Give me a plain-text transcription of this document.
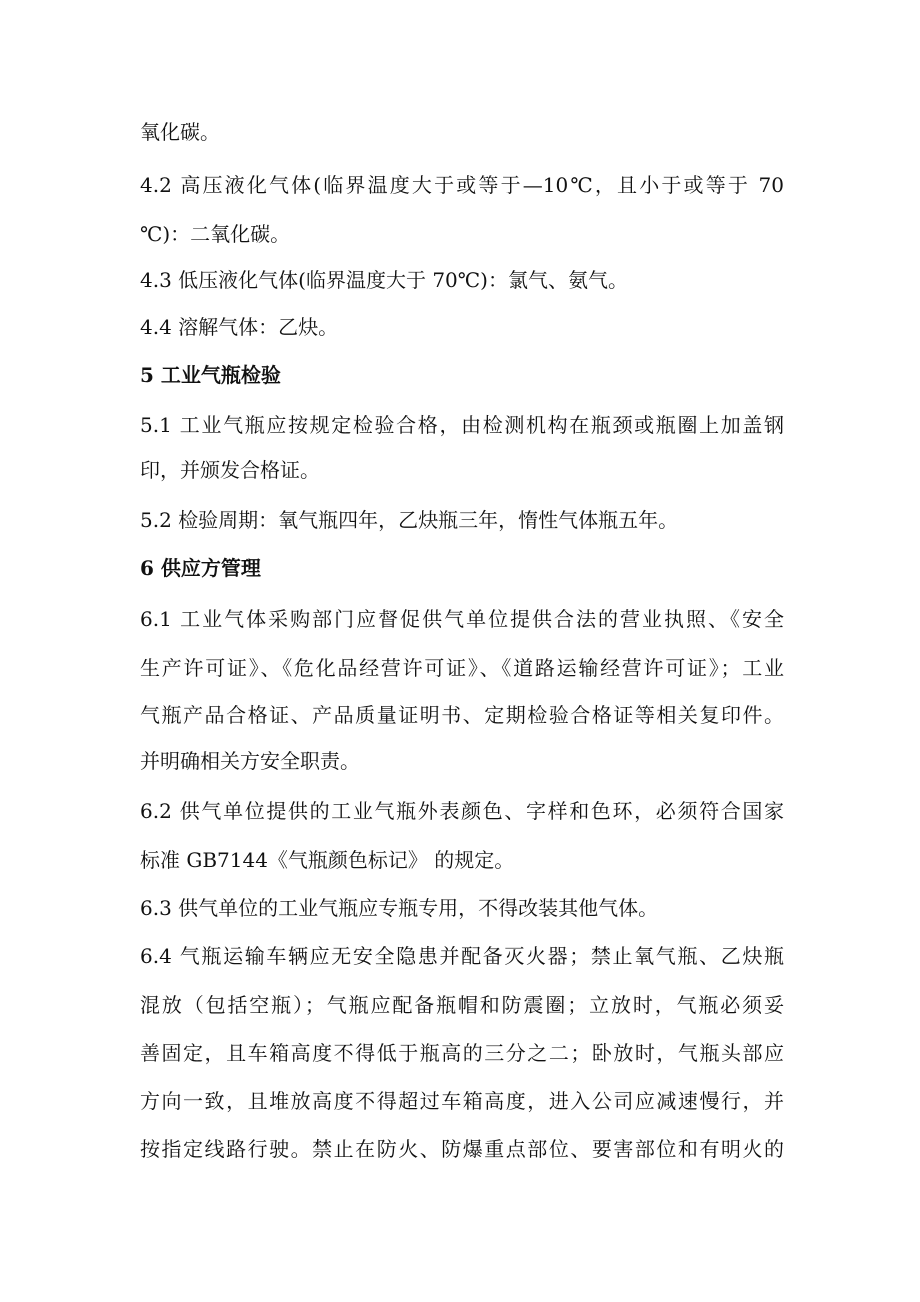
氧化碳。
4.2 高压液化气体(临界温度大于或等于—10℃，且小于或等于 70
℃)：二氧化碳。
4.3 低压液化气体(临界温度大于 70℃)：氯气、氨气。
4.4 溶解气体：乙炔。
5 工业气瓶检验
5.1 工业气瓶应按规定检验合格，由检测机构在瓶颈或瓶圈上加盖钢
印，并颁发合格证。
5.2 检验周期：氧气瓶四年，乙炔瓶三年，惰性气体瓶五年。
6 供应方管理
6.1 工业气体采购部门应督促供气单位提供合法的营业执照、《安全
生产许可证》、《危化品经营许可证》、《道路运输经营许可证》；工业
气瓶产品合格证、产品质量证明书、定期检验合格证等相关复印件。
并明确相关方安全职责。
6.2 供气单位提供的工业气瓶外表颜色、字样和色环，必须符合国家
标准 GB7144《气瓶颜色标记》 的规定。
6.3 供气单位的工业气瓶应专瓶专用，不得改装其他气体。
6.4 气瓶运输车辆应无安全隐患并配备灭火器；禁止氧气瓶、乙炔瓶
混放（包括空瓶）；气瓶应配备瓶帽和防震圈；立放时，气瓶必须妥
善固定，且车箱高度不得低于瓶高的三分之二；卧放时，气瓶头部应
方向一致，且堆放高度不得超过车箱高度，进入公司应减速慢行，并
按指定线路行驶。禁止在防火、防爆重点部位、要害部位和有明火的
